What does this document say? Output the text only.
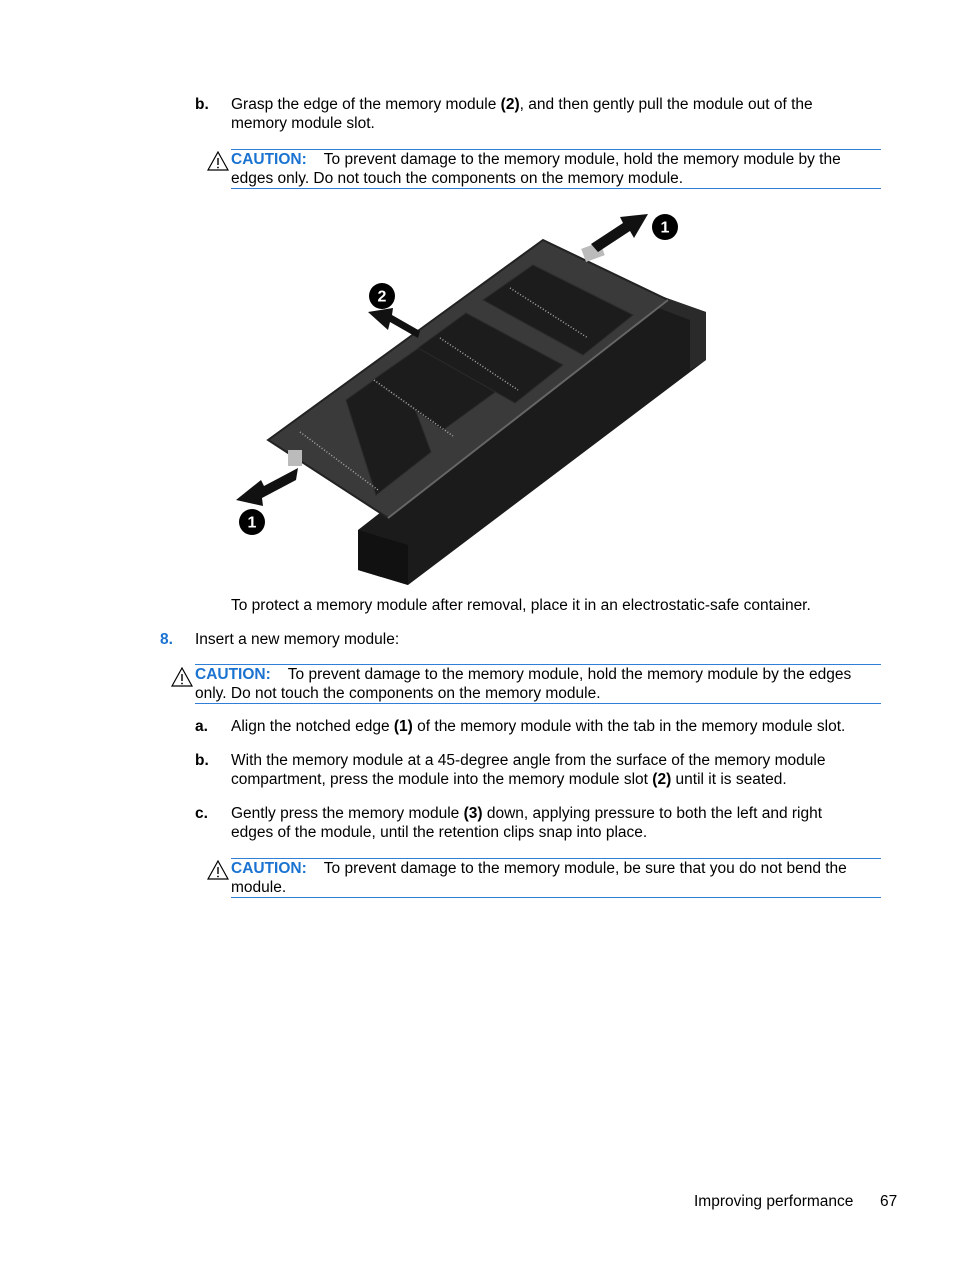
b. Grasp the edge of the memory module (2), and then gently pull the module out of the
memory module slot.
CAUTION: To prevent damage to the memory module, hold the memory module by the
edges only. Do not touch the components on the memory module.
1
2
1
To protect a memory module after removal, place it in an electrostatic-safe container.
8. Insert a new memory module:
CAUTION: To prevent damage to the memory module, hold the memory module by the edges
only. Do not touch the components on the memory module.
a. Align the notched edge (1) of the memory module with the tab in the memory module slot.
b. With the memory module at a 45-degree angle from the surface of the memory module
compartment, press the module into the memory module slot (2) until it is seated.
c. Gently press the memory module (3) down, applying pressure to both the left and right
edges of the module, until the retention clips snap into place.
CAUTION: To prevent damage to the memory module, be sure that you do not bend the
module.
Improving performance 67
